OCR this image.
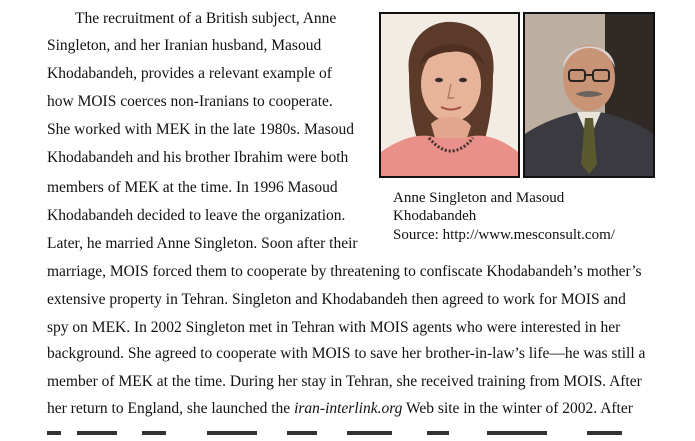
The recruitment of a British subject, Anne
Singleton, and her Iranian husband, Masoud
Khodabandeh, provides a relevant example of
how MOIS coerces non-Iranians to cooperate.
She worked with MEK in the late 1980s. Masoud
Khodabandeh and his brother Ibrahim were both
members of MEK at the time. In 1996 Masoud
Khodabandeh decided to leave the organization.
Later, he married Anne Singleton. Soon after their
marriage, MOIS forced them to cooperate by threatening to confiscate Khodabandeh’s mother’s
extensive property in Tehran. Singleton and Khodabandeh then agreed to work for MOIS and
spy on MEK. In 2002 Singleton met in Tehran with MOIS agents who were interested in her
background. She agreed to cooperate with MOIS to save her brother-in-law’s life—he was still a
member of MEK at the time. During her stay in Tehran, she received training from MOIS. After
her return to England, she launched the iran-interlink.org Web site in the winter of 2002. After
Anne Singleton and Masoud
Khodabandeh
Source: http://www.mesconsult.com/
